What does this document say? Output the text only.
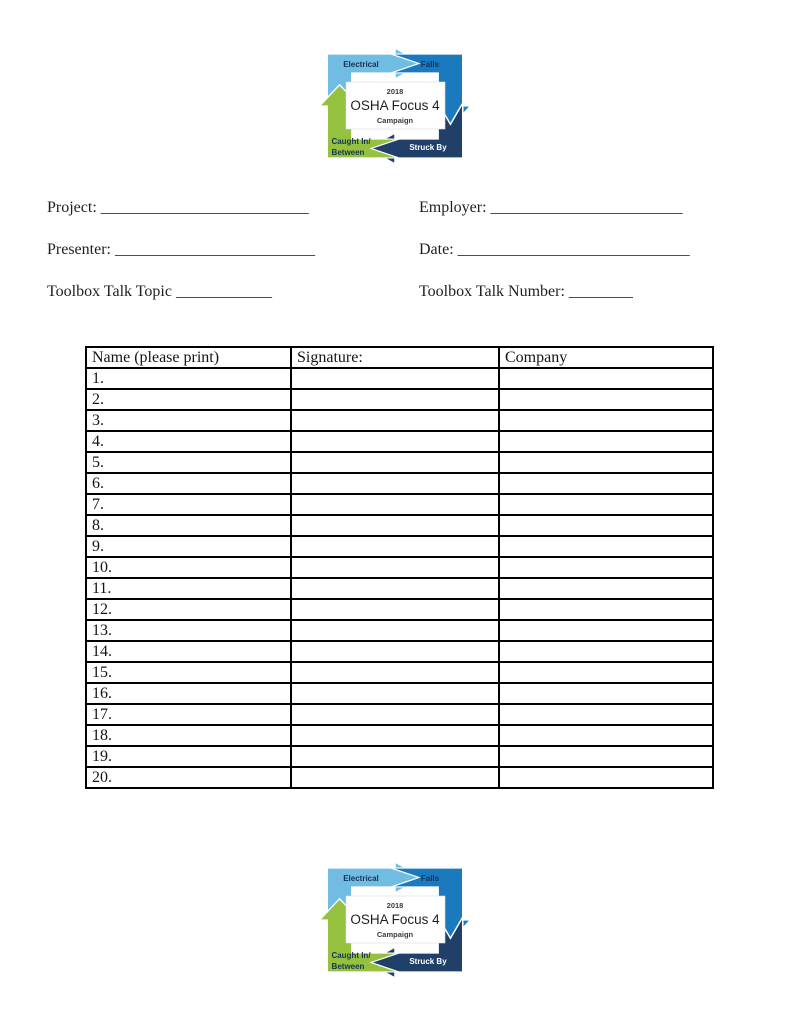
Electrical	Falls
2018
OSHA Focus 4
Campaign
Caught In/
Between
Struck By
Project: __________________________	Employer: ________________________
Presenter: _________________________	Date: _____________________________
Toolbox Talk Topic ____________	Toolbox Talk Number: ________
Name (please print)	Signature:	Company
1.		
2.		
3.		
4.		
5.		
6.		
7.		
8.		
9.		
10.		
11.		
12.		
13.		
14.		
15.		
16.		
17.		
18.		
19.		
20.		
Electrical	Falls
2018
OSHA Focus 4
Campaign
Caught In/
Between
Struck By
